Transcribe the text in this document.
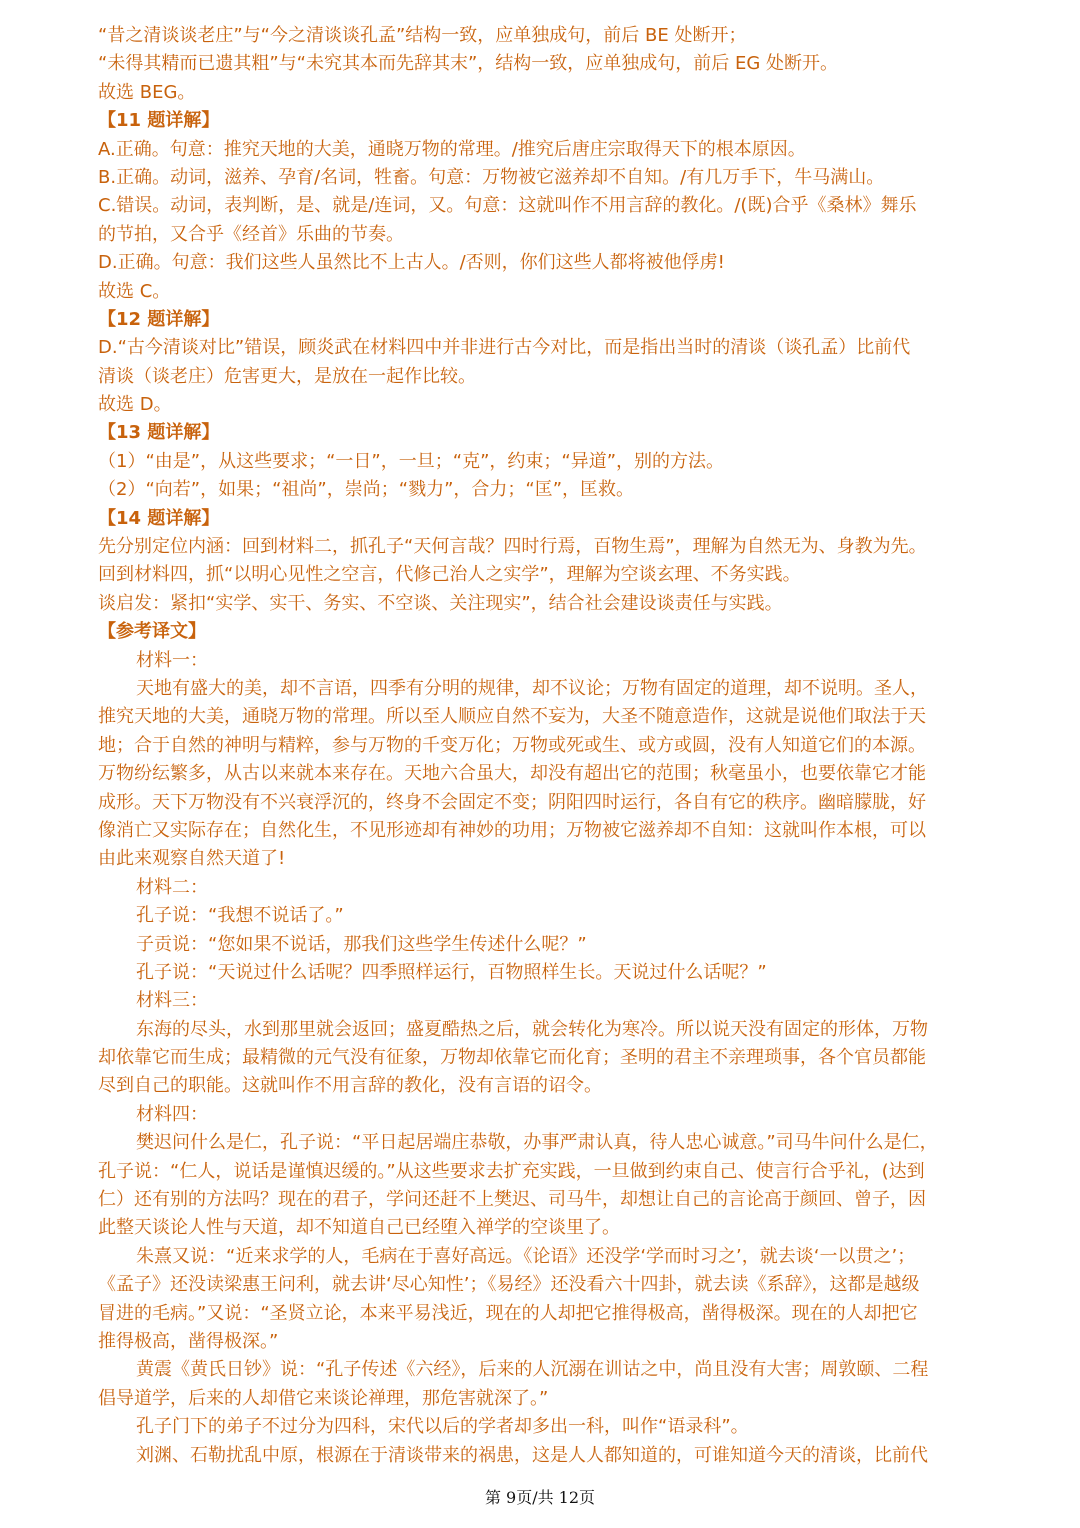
“昔之清谈谈老庄”与“今之清谈谈孔孟”结构一致，应单独成句，前后 BE 处断开；
“未得其精而已遗其粗”与“未究其本而先辞其末”，结构一致，应单独成句，前后 EG 处断开。
故选 BEG。
【11 题详解】
A.正确。句意：推究天地的大美，通晓万物的常理。/推究后唐庄宗取得天下的根本原因。
B.正确。动词，滋养、孕育/名词，牲畜。句意：万物被它滋养却不自知。/有几万手下，牛马满山。
C.错误。动词，表判断，是、就是/连词，又。句意：这就叫作不用言辞的教化。/(既)合乎《桑林》舞乐
的节拍，又合乎《经首》乐曲的节奏。
D.正确。句意：我们这些人虽然比不上古人。/否则，你们这些人都将被他俘虏!
故选 C。
【12 题详解】
D.“古今清谈对比”错误，顾炎武在材料四中并非进行古今对比，而是指出当时的清谈（谈孔孟）比前代
清谈（谈老庄）危害更大，是放在一起作比较。
故选 D。
【13 题详解】
（1）“由是”，从这些要求；“一日”，一旦；“克”，约束；“异道”，别的方法。
（2）“向若”，如果；“祖尚”，崇尚；“戮力”，合力；“匡”，匡救。
【14 题详解】
先分别定位内涵：回到材料二，抓孔子“天何言哉？四时行焉，百物生焉”，理解为自然无为、身教为先。
回到材料四，抓“以明心见性之空言，代修己治人之实学”，理解为空谈玄理、不务实践。
谈启发：紧扣“实学、实干、务实、不空谈、关注现实”，结合社会建设谈责任与实践。
【参考译文】
材料一：
天地有盛大的美，却不言语，四季有分明的规律，却不议论；万物有固定的道理，却不说明。圣人，
推究天地的大美，通晓万物的常理。所以至人顺应自然不妄为，大圣不随意造作，这就是说他们取法于天
地；合于自然的神明与精粹，参与万物的千变万化；万物或死或生、或方或圆，没有人知道它们的本源。
万物纷纭繁多，从古以来就本来存在。天地六合虽大，却没有超出它的范围；秋毫虽小，也要依靠它才能
成形。天下万物没有不兴衰浮沉的，终身不会固定不变；阴阳四时运行，各自有它的秩序。幽暗朦胧，好
像消亡又实际存在；自然化生，不见形迹却有神妙的功用；万物被它滋养却不自知：这就叫作本根，可以
由此来观察自然天道了!
材料二：
孔子说：“我想不说话了。”
子贡说：“您如果不说话，那我们这些学生传述什么呢？”
孔子说：“天说过什么话呢？四季照样运行，百物照样生长。天说过什么话呢？”
材料三：
东海的尽头，水到那里就会返回；盛夏酷热之后，就会转化为寒冷。所以说天没有固定的形体，万物
却依靠它而生成；最精微的元气没有征象，万物却依靠它而化育；圣明的君主不亲理琐事，各个官员都能
尽到自己的职能。这就叫作不用言辞的教化，没有言语的诏令。
材料四：
樊迟问什么是仁，孔子说：“平日起居端庄恭敬，办事严肃认真，待人忠心诚意。”司马牛问什么是仁，
孔子说：“仁人，说话是谨慎迟缓的。”从这些要求去扩充实践，一旦做到约束自己、使言行合乎礼，(达到
仁）还有别的方法吗？现在的君子，学问还赶不上樊迟、司马牛，却想让自己的言论高于颜回、曾子，因
此整天谈论人性与天道，却不知道自己已经堕入禅学的空谈里了。
朱熹又说：“近来求学的人，毛病在于喜好高远。《论语》还没学‘学而时习之’，就去谈‘一以贯之’；
《孟子》还没读梁惠王问利，就去讲‘尽心知性’；《易经》还没看六十四卦，就去读《系辞》，这都是越级
冒进的毛病。”又说：“圣贤立论，本来平易浅近，现在的人却把它推得极高，凿得极深。现在的人却把它
推得极高，凿得极深。”
黄震《黄氏日钞》说：“孔子传述《六经》，后来的人沉溺在训诂之中，尚且没有大害；周敦颐、二程
倡导道学，后来的人却借它来谈论禅理，那危害就深了。”
孔子门下的弟子不过分为四科，宋代以后的学者却多出一科，叫作“语录科”。
刘渊、石勒扰乱中原，根源在于清谈带来的祸患，这是人人都知道的，可谁知道今天的清谈，比前代
第 9页/共 12页
